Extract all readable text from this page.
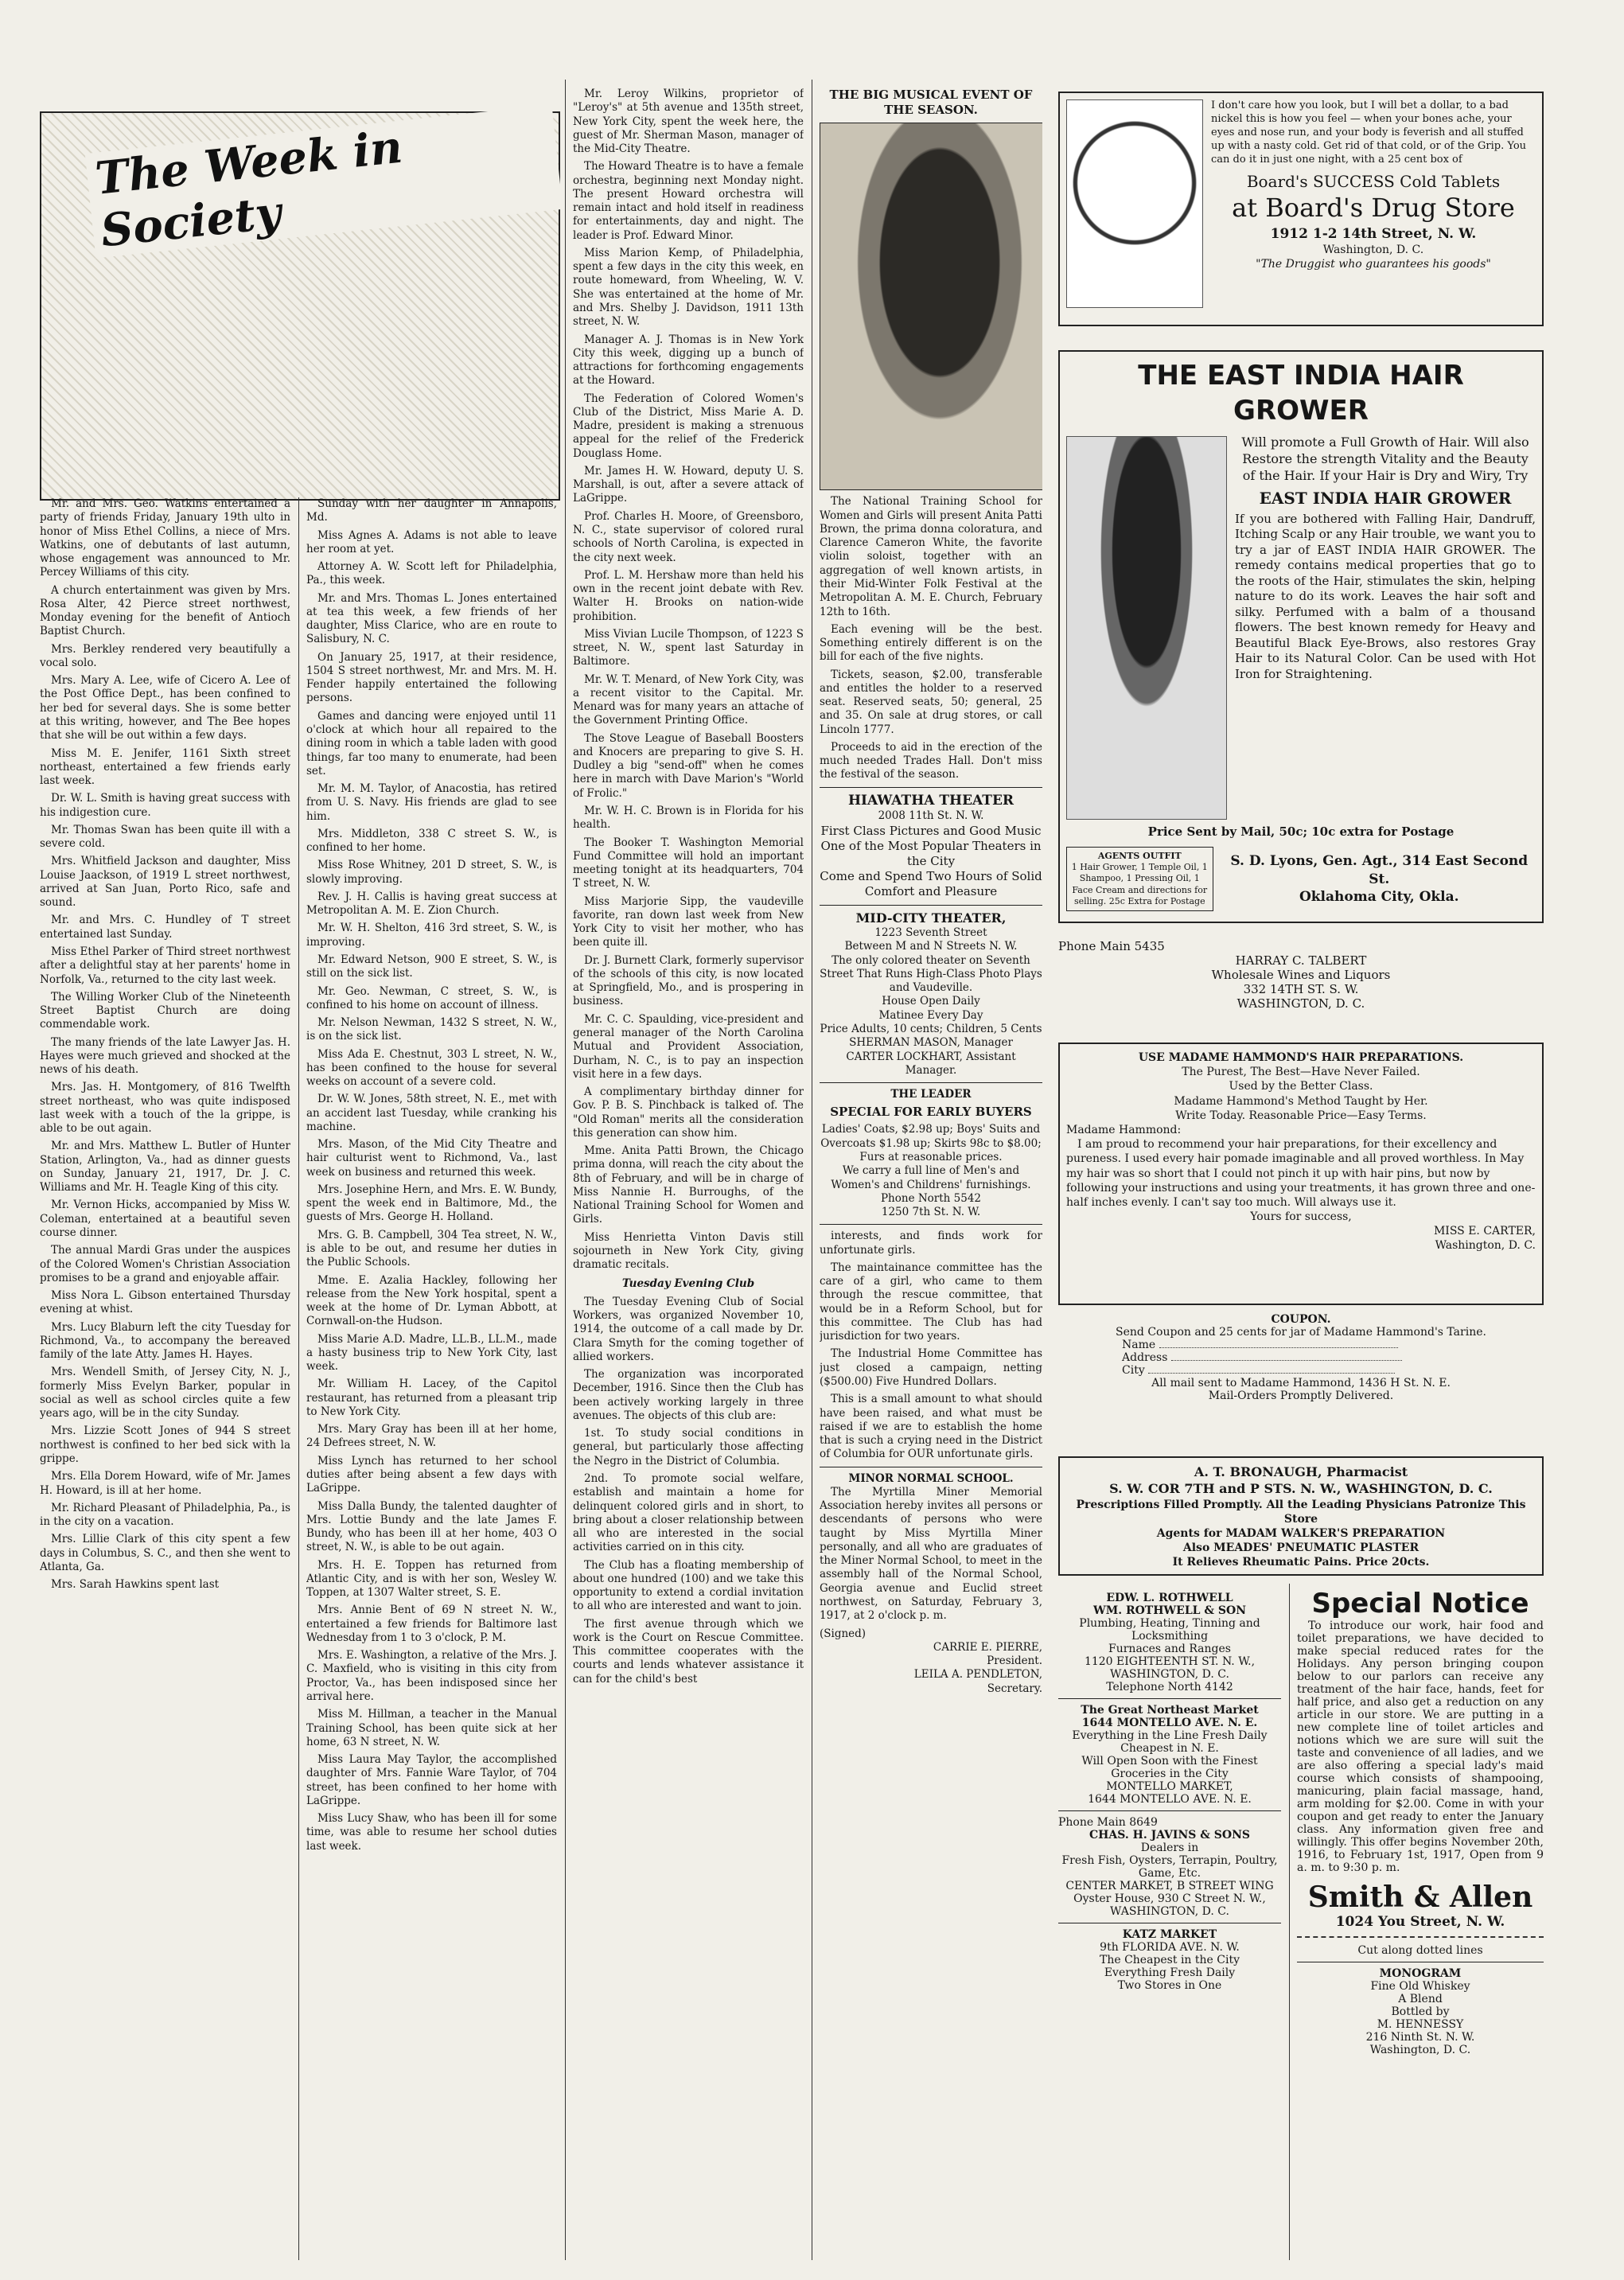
The Week in Society

Mr. and Mrs. Geo. Watkins entertained a party of friends Friday, January 19th ulto in honor of Miss Ethel Collins, a niece of Mrs. Watkins, one of debutants of last autumn, whose engagement was announced to Mr. Percey Williams of this city.

A church entertainment was given by Mrs. Rosa Alter, 42 Pierce street northwest, Monday evening for the benefit of Antioch Baptist Church.

Mrs. Berkley rendered very beautifully a vocal solo.

Mrs. Mary A. Lee, wife of Cicero A. Lee of the Post Office Dept., has been confined to her bed for several days. She is some better at this writing, however, and The Bee hopes that she will be out within a few days.

Miss M. E. Jenifer, 1161 Sixth street northeast, entertained a few friends early last week.

Dr. W. L. Smith is having great success with his indigestion cure.

Mr. Thomas Swan has been quite ill with a severe cold.

Mrs. Whitfield Jackson and daughter, Miss Louise Jaackson, of 1919 L street northwest, arrived at San Juan, Porto Rico, safe and sound.

Mr. and Mrs. C. Hundley of T street entertained last Sunday.

Miss Ethel Parker of Third street northwest after a delightful stay at her parents' home in Norfolk, Va., returned to the city last week.

The Willing Worker Club of the Nineteenth Street Baptist Church are doing commendable work.

The many friends of the late Lawyer Jas. H. Hayes were much grieved and shocked at the news of his death.

Mrs. Jas. H. Montgomery, of 816 Twelfth street northeast, who was quite indisposed last week with a touch of the la grippe, is able to be out again.

Mr. and Mrs. Matthew L. Butler of Hunter Station, Arlington, Va., had as dinner guests on Sunday, January 21, 1917, Dr. J. C. Williams and Mr. H. Teagle King of this city.

Mr. Vernon Hicks, accompanied by Miss W. Coleman, entertained at a beautiful seven course dinner.

The annual Mardi Gras under the auspices of the Colored Women's Christian Association promises to be a grand and enjoyable affair.

Miss Nora L. Gibson entertained Thursday evening at whist.

Mrs. Lucy Blaburn left the city Tuesday for Richmond, Va., to accompany the bereaved family of the late Atty. James H. Hayes.

Mrs. Wendell Smith, of Jersey City, N. J., formerly Miss Evelyn Barker, popular in social as well as school circles quite a few years ago, will be in the city Sunday.

Mrs. Lizzie Scott Jones of 944 S street northwest is confined to her bed sick with la grippe.

Mrs. Ella Dorem Howard, wife of Mr. James H. Howard, is ill at her home.

Mr. Richard Pleasant of Philadelphia, Pa., is in the city on a vacation.

Mrs. Lillie Clark of this city spent a few days in Columbus, S. C., and then she went to Atlanta, Ga.

Mrs. Sarah Hawkins spent last

Sunday with her daughter in Annapolis, Md.

Miss Agnes A. Adams is not able to leave her room at yet.

Attorney A. W. Scott left for Philadelphia, Pa., this week.

Mr. and Mrs. Thomas L. Jones entertained at tea this week, a few friends of her daughter, Miss Clarice, who are en route to Salisbury, N. C.

On January 25, 1917, at their residence, 1504 S street northwest, Mr. and Mrs. M. H. Fender happily entertained the following persons.

Games and dancing were enjoyed until 11 o'clock at which hour all repaired to the dining room in which a table laden with good things, far too many to enumerate, had been set.

Mr. M. M. Taylor, of Anacostia, has retired from U. S. Navy. His friends are glad to see him.

Mrs. Middleton, 338 C street S. W., is confined to her home.

Miss Rose Whitney, 201 D street, S. W., is slowly improving.

Rev. J. H. Callis is having great success at Metropolitan A. M. E. Zion Church.

Mr. W. H. Shelton, 416 3rd street, S. W., is improving.

Mr. Edward Netson, 900 E street, S. W., is still on the sick list.

Mr. Geo. Newman, C street, S. W., is confined to his home on account of illness.

Mr. Nelson Newman, 1432 S street, N. W., is on the sick list.

Miss Ada E. Chestnut, 303 L street, N. W., has been confined to the house for several weeks on account of a severe cold.

Dr. W. W. Jones, 58th street, N. E., met with an accident last Tuesday, while cranking his machine.

Mrs. Mason, of the Mid City Theatre and hair culturist went to Richmond, Va., last week on business and returned this week.

Mrs. Josephine Hern, and Mrs. E. W. Bundy, spent the week end in Baltimore, Md., the guests of Mrs. George H. Holland.

Mrs. G. B. Campbell, 304 Tea street, N. W., is able to be out, and resume her duties in the Public Schools.

Mme. E. Azalia Hackley, following her release from the New York hospital, spent a week at the home of Dr. Lyman Abbott, at Cornwall-on-the Hudson.

Miss Marie A.D. Madre, LL.B., LL.M., made a hasty business trip to New York City, last week.

Mr. William H. Lacey, of the Capitol restaurant, has returned from a pleasant trip to New York City.

Mrs. Mary Gray has been ill at her home, 24 Defrees street, N. W.

Miss Lynch has returned to her school duties after being absent a few days with LaGrippe.

Miss Dalla Bundy, the talented daughter of Mrs. Lottie Bundy and the late James F. Bundy, who has been ill at her home, 403 O street, N. W., is able to be out again.

Mrs. H. E. Toppen has returned from Atlantic City, and is with her son, Wesley W. Toppen, at 1307 Walter street, S. E.

Mrs. Annie Bent of 69 N street N. W., entertained a few friends for Baltimore last Wednesday from 1 to 3 o'clock, P. M.

Mrs. E. Washington, a relative of the Mrs. J. C. Maxfield, who is visiting in this city from Proctor, Va., has been indisposed since her arrival here.

Miss M. Hillman, a teacher in the Manual Training School, has been quite sick at her home, 63 N street, N. W.

Miss Laura May Taylor, the accomplished daughter of Mrs. Fannie Ware Taylor, of 704 street, has been confined to her home with LaGrippe.

Miss Lucy Shaw, who has been ill for some time, was able to resume her school duties last week.

Mr. Leroy Wilkins, proprietor of "Leroy's" at 5th avenue and 135th street, New York City, spent the week here, the guest of Mr. Sherman Mason, manager of the Mid-City Theatre.

The Howard Theatre is to have a female orchestra, beginning next Monday night. The present Howard orchestra will remain intact and hold itself in readiness for entertainments, day and night. The leader is Prof. Edward Minor.

Miss Marion Kemp, of Philadelphia, spent a few days in the city this week, en route homeward, from Wheeling, W. V. She was entertained at the home of Mr. and Mrs. Shelby J. Davidson, 1911 13th street, N. W.

Manager A. J. Thomas is in New York City this week, digging up a bunch of attractions for forthcoming engagements at the Howard.

The Federation of Colored Women's Club of the District, Miss Marie A. D. Madre, president is making a strenuous appeal for the relief of the Frederick Douglass Home.

Mr. James H. W. Howard, deputy U. S. Marshall, is out, after a severe attack of LaGrippe.

Prof. Charles H. Moore, of Greensboro, N. C., state supervisor of colored rural schools of North Carolina, is expected in the city next week.

Prof. L. M. Hershaw more than held his own in the recent joint debate with Rev. Walter H. Brooks on nation-wide prohibition.

Miss Vivian Lucile Thompson, of 1223 S street, N. W., spent last Saturday in Baltimore.

Mr. W. T. Menard, of New York City, was a recent visitor to the Capital. Mr. Menard was for many years an attache of the Government Printing Office.

The Stove League of Baseball Boosters and Knocers are preparing to give S. H. Dudley a big "send-off" when he comes here in march with Dave Marion's "World of Frolic."

Mr. W. H. C. Brown is in Florida for his health.

The Booker T. Washington Memorial Fund Committee will hold an important meeting tonight at its headquarters, 704 T street, N. W.

Miss Marjorie Sipp, the vaudeville favorite, ran down last week from New York City to visit her mother, who has been quite ill.

Dr. J. Burnett Clark, formerly supervisor of the schools of this city, is now located at Springfield, Mo., and is prospering in business.

Mr. C. C. Spaulding, vice-president and general manager of the North Carolina Mutual and Provident Association, Durham, N. C., is to pay an inspection visit here in a few days.

A complimentary birthday dinner for Gov. P. B. S. Pinchback is talked of. The "Old Roman" merits all the consideration this generation can show him.

Mme. Anita Patti Brown, the Chicago prima donna, will reach the city about the 8th of February, and will be in charge of Miss Nannie H. Burroughs, of the National Training School for Women and Girls.

Miss Henrietta Vinton Davis still sojourneth in New York City, giving dramatic recitals.

Tuesday Evening Club

The Tuesday Evening Club of Social Workers, was organized November 10, 1914, the outcome of a call made by Dr. Clara Smyth for the coming together of allied workers.

The organization was incorporated December, 1916. Since then the Club has been actively working largely in three avenues. The objects of this club are:

1st. To study social conditions in general, but particularly those affecting the Negro in the District of Columbia.

2nd. To promote social welfare, establish and maintain a home for delinquent colored girls and in short, to bring about a closer relationship between all who are interested in the social activities carried on in this city.

The Club has a floating membership of about one hundred (100) and we take this opportunity to extend a cordial invitation to all who are interested and want to join.

The first avenue through which we work is the Court on Rescue Committee. This committee cooperates with the courts and lends whatever assistance it can for the child's best

THE BIG MUSICAL EVENT OF THE SEASON.

The National Training School for Women and Girls will present Anita Patti Brown, the prima donna coloratura, and Clarence Cameron White, the favorite violin soloist, together with an aggregation of well known artists, in their Mid-Winter Folk Festival at the Metropolitan A. M. E. Church, February 12th to 16th.

Each evening will be the best. Something entirely different is on the bill for each of the five nights.

Tickets, season, $2.00, transferable and entitles the holder to a reserved seat. Reserved seats, 50; general, 25 and 35. On sale at drug stores, or call Lincoln 1777.

Proceeds to aid in the erection of the much needed Trades Hall. Don't miss the festival of the season.

HIAWATHA THEATER
2008 11th St. N. W.
First Class Pictures and Good Music
One of the Most Popular Theaters in the City
Come and Spend Two Hours of Solid Comfort and Pleasure
MID-CITY THEATER,
1223 Seventh Street
Between M and N Streets N. W.
The only colored theater on Seventh Street That Runs High-Class Photo Plays and Vaudeville.
House Open Daily
Matinee Every Day
Price Adults, 10 cents; Children, 5 Cents
SHERMAN MASON, Manager
CARTER LOCKHART, Assistant Manager.
THE LEADER
SPECIAL FOR EARLY BUYERS
Ladies' Coats, $2.98 up; Boys' Suits and Overcoats $1.98 up; Skirts 98c to $8.00; Furs at reasonable prices.
We carry a full line of Men's and Women's and Childrens' furnishings.
Phone North 5542
1250 7th St. N. W.

interests, and finds work for unfortunate girls.

The maintainance committee has the care of a girl, who came to them through the rescue committee, that would be in a Reform School, but for this committee. The Club has had jurisdiction for two years.

The Industrial Home Committee has just closed a campaign, netting ($500.00) Five Hundred Dollars.

This is a small amount to what should have been raised, and what must be raised if we are to establish the home that is such a crying need in the District of Columbia for OUR unfortunate girls.

MINOR NORMAL SCHOOL.

The Myrtilla Miner Memorial Association hereby invites all persons or descendants of persons who were taught by Miss Myrtilla Miner personally, and all who are graduates of the Miner Normal School, to meet in the assembly hall of the Normal School, Georgia avenue and Euclid street northwest, on Saturday, February 3, 1917, at 2 o'clock p. m.

(Signed)
CARRIE E. PIERRE,
President.
LEILA A. PENDLETON,
Secretary.
I don't care how you look, but I will bet a dollar, to a bad nickel this is how you feel — when your bones ache, your eyes and nose run, and your body is feverish and all stuffed up with a nasty cold. Get rid of that cold, or of the Grip. You can do it in just one night, with a 25 cent box of
Board's SUCCESS Cold Tablets
at Board's Drug Store
1912 1-2 14th Street, N. W.
Washington, D. C.
"The Druggist who guarantees his goods"
THE EAST INDIA HAIR GROWER
Will promote a Full Growth of Hair. Will also Restore the strength Vitality and the Beauty of the Hair. If your Hair is Dry and Wiry, Try
EAST INDIA HAIR GROWER
If you are bothered with Falling Hair, Dandruff, Itching Scalp or any Hair trouble, we want you to try a jar of EAST INDIA HAIR GROWER. The remedy contains medical properties that go to the roots of the Hair, stimulates the skin, helping nature to do its work. Leaves the hair soft and silky. Perfumed with a balm of a thousand flowers. The best known remedy for Heavy and Beautiful Black Eye-Brows, also restores Gray Hair to its Natural Color. Can be used with Hot Iron for Straightening.
Price Sent by Mail, 50c; 10c extra for Postage
AGENTS OUTFIT
1 Hair Grower, 1 Temple Oil, 1 Shampoo, 1 Pressing Oil, 1 Face Cream and directions for selling. 25c Extra for Postage
S. D. Lyons, Gen. Agt., 314 East Second St.
Oklahoma City, Okla.
Phone Main 5435
HARRAY C. TALBERT
Wholesale Wines and Liquors
332 14TH ST. S. W.
WASHINGTON, D. C.
USE MADAME HAMMOND'S HAIR PREPARATIONS.
The Purest, The Best—Have Never Failed.
Used by the Better Class.
Madame Hammond's Method Taught by Her.
Write Today. Reasonable Price—Easy Terms.
Madame Hammond:
I am proud to recommend your hair preparations, for their excellency and pureness. I used every hair pomade imaginable and all proved worthless. In May my hair was so short that I could not pinch it up with hair pins, but now by following your instructions and using your treatments, it has grown three and one-half inches evenly. I can't say too much. Will always use it.
Yours for success,
MISS E. CARTER,
Washington, D. C.
COUPON.
Send Coupon and 25 cents for jar of Madame Hammond's Tarine.
Name
Address
City
All mail sent to Madame Hammond, 1436 H St. N. E.
Mail-Orders Promptly Delivered.
A. T. BRONAUGH, Pharmacist
S. W. COR 7TH and P STS. N. W., WASHINGTON, D. C.
Prescriptions Filled Promptly. All the Leading Physicians Patronize This Store
Agents for MADAM WALKER'S PREPARATION
Also MEADES' PNEUMATIC PLASTER
It Relieves Rheumatic Pains. Price 20cts.
EDW. L. ROTHWELL
WM. ROTHWELL & SON
Plumbing, Heating, Tinning and Locksmithing
Furnaces and Ranges
1120 EIGHTEENTH ST. N. W., WASHINGTON, D. C.
Telephone North 4142
The Great Northeast Market
1644 MONTELLO AVE. N. E.
Everything in the Line Fresh Daily
Cheapest in N. E.
Will Open Soon with the Finest Groceries in the City
MONTELLO MARKET,
1644 MONTELLO AVE. N. E.
Phone Main 8649
CHAS. H. JAVINS & SONS
Dealers in
Fresh Fish, Oysters, Terrapin, Poultry, Game, Etc.
CENTER MARKET, B STREET WING
Oyster House, 930 C Street N. W.,
WASHINGTON, D. C.
KATZ MARKET
9th FLORIDA AVE. N. W.
The Cheapest in the City
Everything Fresh Daily
Two Stores in One
Special Notice
To introduce our work, hair food and toilet preparations, we have decided to make special reduced rates for the Holidays. Any person bringing coupon below to our parlors can receive any treatment of the hair face, hands, feet for half price, and also get a reduction on any article in our store. We are putting in a new complete line of toilet articles and notions which we are sure will suit the taste and convenience of all ladies, and we are also offering a special lady's maid course which consists of shampooing, manicuring, plain facial massage, hand, arm molding for $2.00. Come in with your coupon and get ready to enter the January class. Any information given free and willingly. This offer begins November 20th, 1916, to February 1st, 1917, Open from 9 a. m. to 9:30 p. m.
Smith & Allen
1024 You Street, N. W.
Cut along dotted lines
MONOGRAM
Fine Old Whiskey
A Blend
Bottled by
M. HENNESSY
216 Ninth St. N. W.
Washington, D. C.
